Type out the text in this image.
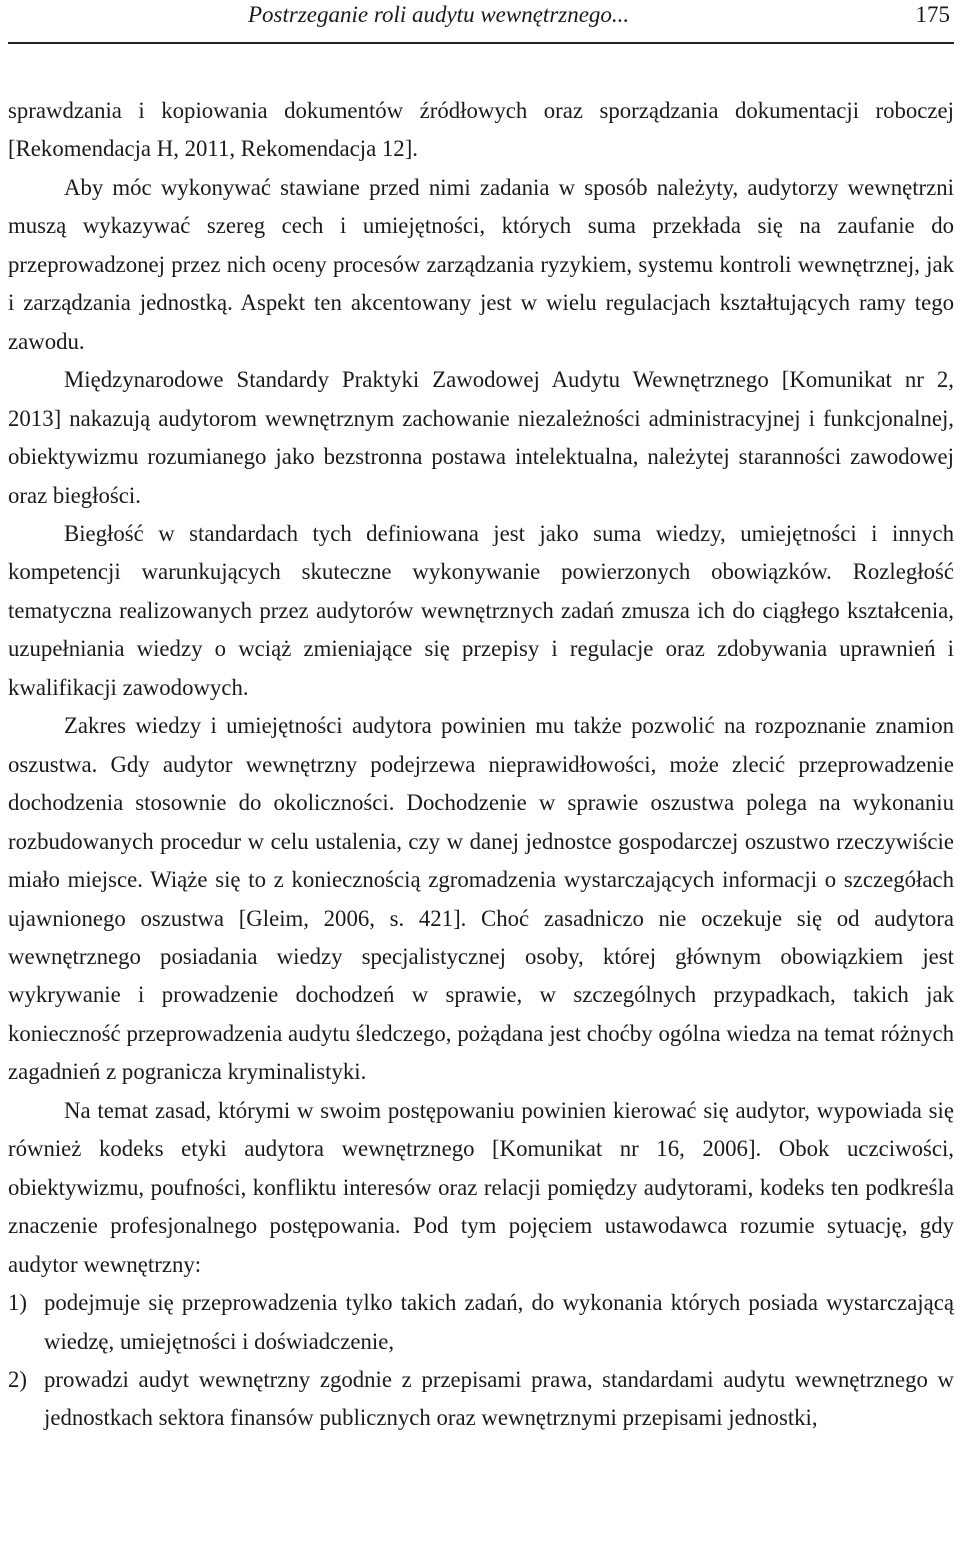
Postrzeganie roli audytu wewnętrznego...	175

sprawdzania i kopiowania dokumentów źródłowych oraz sporządzania dokumentacji roboczej [Rekomendacja H, 2011, Rekomendacja 12].

Aby móc wykonywać stawiane przed nimi zadania w sposób należyty, audytorzy wewnętrzni muszą wykazywać szereg cech i umiejętności, których suma przekłada się na zaufanie do przeprowadzonej przez nich oceny procesów zarządzania ryzykiem, systemu kontroli wewnętrznej, jak i zarządzania jednostką. Aspekt ten akcentowany jest w wielu regulacjach kształtujących ramy tego zawodu.

Międzynarodowe Standardy Praktyki Zawodowej Audytu Wewnętrznego [Komunikat nr 2, 2013] nakazują audytorom wewnętrznym zachowanie niezależności administracyjnej i funkcjonalnej, obiektywizmu rozumianego jako bezstronna postawa intelektualna, należytej staranności zawodowej oraz biegłości.

Biegłość w standardach tych definiowana jest jako suma wiedzy, umiejętności i innych kompetencji warunkujących skuteczne wykonywanie powierzonych obowiązków. Rozległość tematyczna realizowanych przez audytorów wewnętrznych zadań zmusza ich do ciągłego kształcenia, uzupełniania wiedzy o wciąż zmieniające się przepisy i regulacje oraz zdobywania uprawnień i kwalifikacji zawodowych.

Zakres wiedzy i umiejętności audytora powinien mu także pozwolić na rozpoznanie znamion oszustwa. Gdy audytor wewnętrzny podejrzewa nieprawidłowości, może zlecić przeprowadzenie dochodzenia stosownie do okoliczności. Dochodzenie w sprawie oszustwa polega na wykonaniu rozbudowanych procedur w celu ustalenia, czy w danej jednostce gospodarczej oszustwo rzeczywiście miało miejsce. Wiąże się to z koniecznością zgromadzenia wystarczających informacji o szczegółach ujawnionego oszustwa [Gleim, 2006, s. 421]. Choć zasadniczo nie oczekuje się od audytora wewnętrznego posiadania wiedzy specjalistycznej osoby, której głównym obowiązkiem jest wykrywanie i prowadzenie dochodzeń w sprawie, w szczególnych przypadkach, takich jak konieczność przeprowadzenia audytu śledczego, pożądana jest choćby ogólna wiedza na temat różnych zagadnień z pogranicza kryminalistyki.

Na temat zasad, którymi w swoim postępowaniu powinien kierować się audytor, wypowiada się również kodeks etyki audytora wewnętrznego [Komunikat nr 16, 2006]. Obok uczciwości, obiektywizmu, poufności, konfliktu interesów oraz relacji pomiędzy audytorami, kodeks ten podkreśla znaczenie profesjonalnego postępowania. Pod tym pojęciem ustawodawca rozumie sytuację, gdy audytor wewnętrzny:

1) podejmuje się przeprowadzenia tylko takich zadań, do wykonania których posiada wystarczającą wiedzę, umiejętności i doświadczenie,
2) prowadzi audyt wewnętrzny zgodnie z przepisami prawa, standardami audytu wewnętrznego w jednostkach sektora finansów publicznych oraz wewnętrznymi przepisami jednostki,
